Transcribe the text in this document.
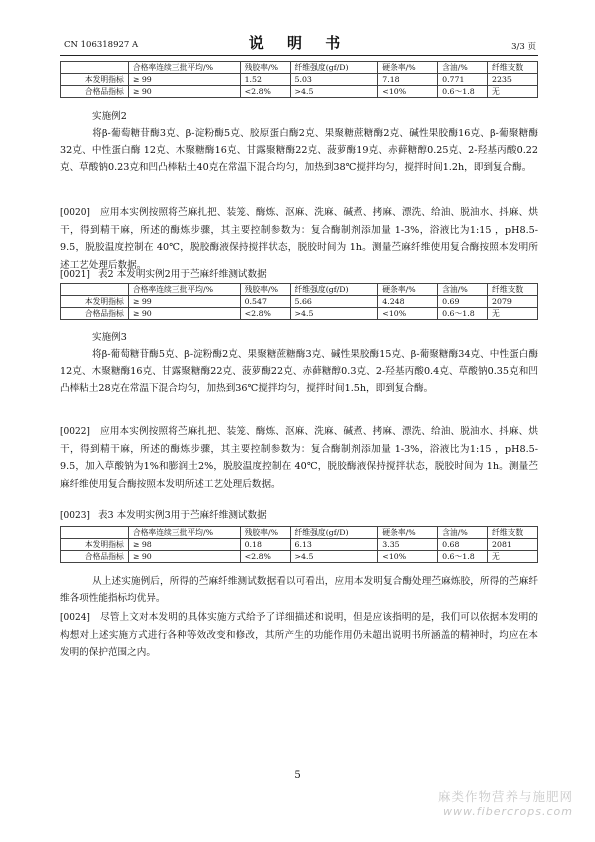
CN 106318927 A	说 明 书	3/3 页
	合格率连续三批平均/%	残胶率/%	纤维强度(gf/D)	硬条率/%	含油/%	纤维支数
本发明指标	≥ 99	1.52	5.03	7.18	0.771	2235
合格品指标	≥ 90	<2.8%	>4.5	<10%	0.6～1.8	无
实施例2
将β-葡萄糖苷酶3克、β-淀粉酶5克、胶原蛋白酶2克、果聚糖蔗糖酶2克、碱性果胶酶16克、β-葡聚糖酶32克、中性蛋白酶 12克、木聚糖酶16克、甘露聚糖酶22克、菠萝酶19克、赤藓糖醇0.25克、2-羟基丙酸0.22克、草酸钠0.23克和凹凸棒粘土40克在常温下混合均匀，加热到38℃搅拌均匀，搅拌时间1.2h，即到复合酶。
[0020] 应用本实例按照将苎麻扎把、装笼、酶炼、沤麻、洗麻、碱煮、拷麻、漂洗、给油、脱油水、抖麻、烘干，得到精干麻，所述的酶炼步骤，其主要控制参数为：复合酶制剂添加量 1-3%，浴液比为1:15 ，pH8.5-9.5，脱胶温度控制在 40℃，脱胶酶液保持搅拌状态，脱胶时间为 1h。测量苎麻纤维使用复合酶按照本发明所述工艺处理后数据。
[0021] 表2 本发明实例2用于苎麻纤维测试数据
	合格率连续三批平均/%	残胶率/%	纤维强度(gf/D)	硬条率/%	含油/%	纤维支数
本发明指标	≥ 99	0.547	5.66	4.248	0.69	2079
合格品指标	≥ 90	<2.8%	>4.5	<10%	0.6～1.8	无
实施例3
将β-葡萄糖苷酶5克、β-淀粉酶2克、果聚糖蔗糖酶3克、碱性果胶酶15克、β-葡聚糖酶34克、中性蛋白酶 12克、木聚糖酶16克、甘露聚糖酶22克、菠萝酶22克、赤藓糖醇0.3克、2-羟基丙酸0.4克、草酸钠0.35克和凹凸棒粘土28克在常温下混合均匀，加热到36℃搅拌均匀，搅拌时间1.5h，即到复合酶。
[0022] 应用本实例按照将苎麻扎把、装笼、酶炼、沤麻、洗麻、碱煮、拷麻、漂洗、给油、脱油水、抖麻、烘干，得到精干麻，所述的酶炼步骤，其主要控制参数为：复合酶制剂添加量 1-3%，浴液比为1:15 ，pH8.5-9.5，加入草酸钠为1%和膨润土2%，脱胶温度控制在 40℃，脱胶酶液保持搅拌状态，脱胶时间为 1h。测量苎麻纤维使用复合酶按照本发明所述工艺处理后数据。
[0023] 表3 本发明实例3用于苎麻纤维测试数据
	合格率连续三批平均/%	残胶率/%	纤维强度(gf/D)	硬条率/%	含油/%	纤维支数
本发明指标	≥ 98	0.18	6.13	3.35	0.68	2081
合格品指标	≥ 90	<2.8%	>4.5	<10%	0.6～1.8	无
从上述实施例后，所得的苎麻纤维测试数据看以可看出，应用本发明复合酶处理苎麻炼胶，所得的苎麻纤维各项性能指标均优异。
[0024] 尽管上文对本发明的具体实施方式给予了详细描述和说明，但是应该指明的是，我们可以依据本发明的构想对上述实施方式进行各种等效改变和修改，其所产生的功能作用仍未超出说明书所涵盖的精神时，均应在本发明的保护范围之内。
5
麻类作物营养与施肥网
www.fibercrops.com
